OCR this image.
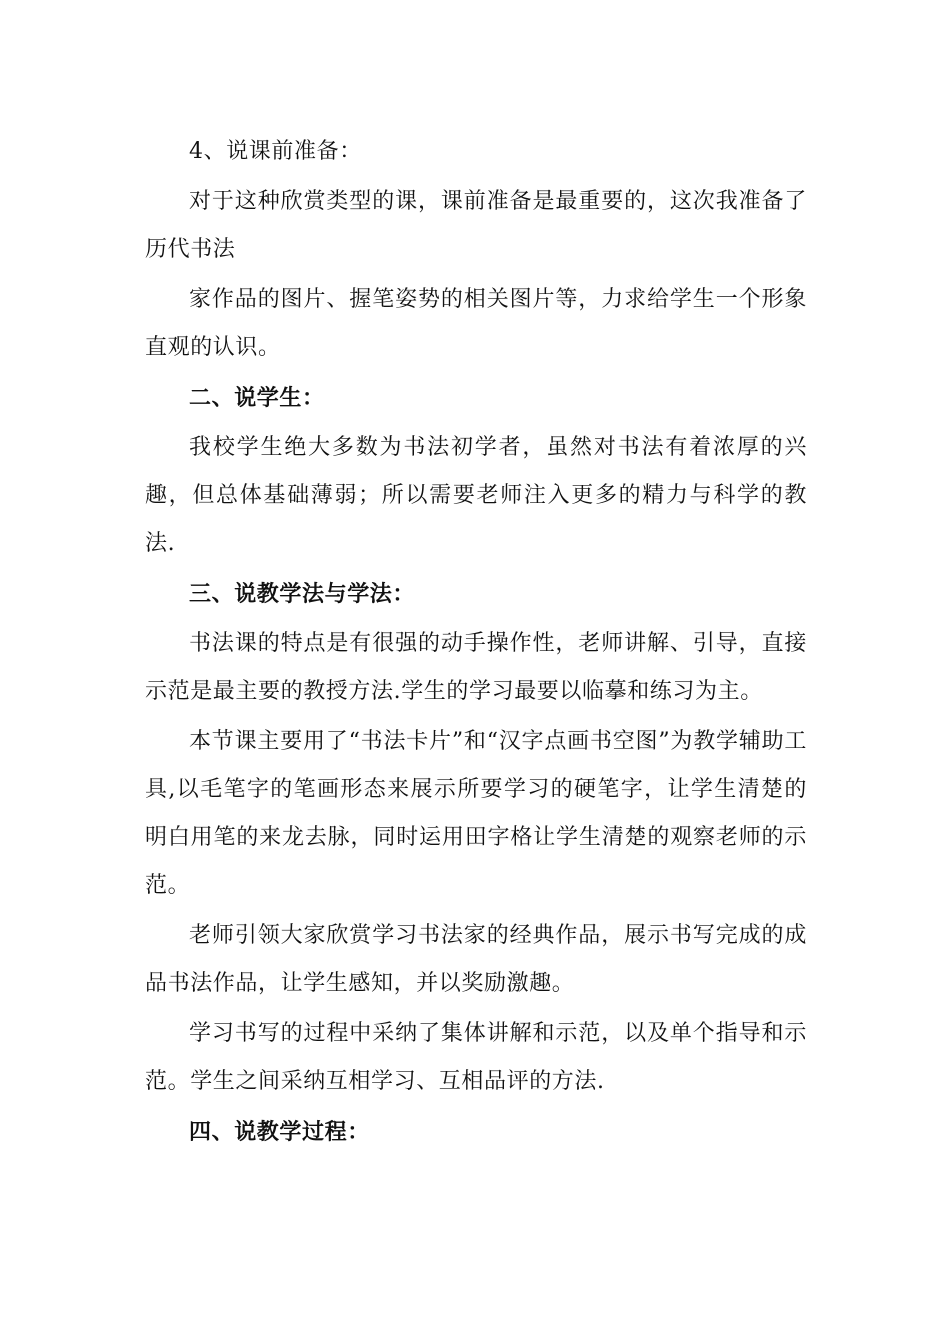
4、说课前准备：

对于这种欣赏类型的课，课前准备是最重要的，这次我准备了历代书法

家作品的图片、握笔姿势的相关图片等，力求给学生一个形象直观的认识。

二、说学生：

我校学生绝大多数为书法初学者，虽然对书法有着浓厚的兴趣，但总体基础薄弱；所以需要老师注入更多的精力与科学的教法.

三、说教学法与学法：

书法课的特点是有很强的动手操作性，老师讲解、引导，直接示范是最主要的教授方法.学生的学习最要以临摹和练习为主。

本节课主要用了“书法卡片”和“汉字点画书空图”为教学辅助工具,以毛笔字的笔画形态来展示所要学习的硬笔字，让学生清楚的明白用笔的来龙去脉，同时运用田字格让学生清楚的观察老师的示范。

老师引领大家欣赏学习书法家的经典作品，展示书写完成的成品书法作品，让学生感知，并以奖励激趣。

学习书写的过程中采纳了集体讲解和示范，以及单个指导和示范。学生之间采纳互相学习、互相品评的方法.

四、说教学过程：
